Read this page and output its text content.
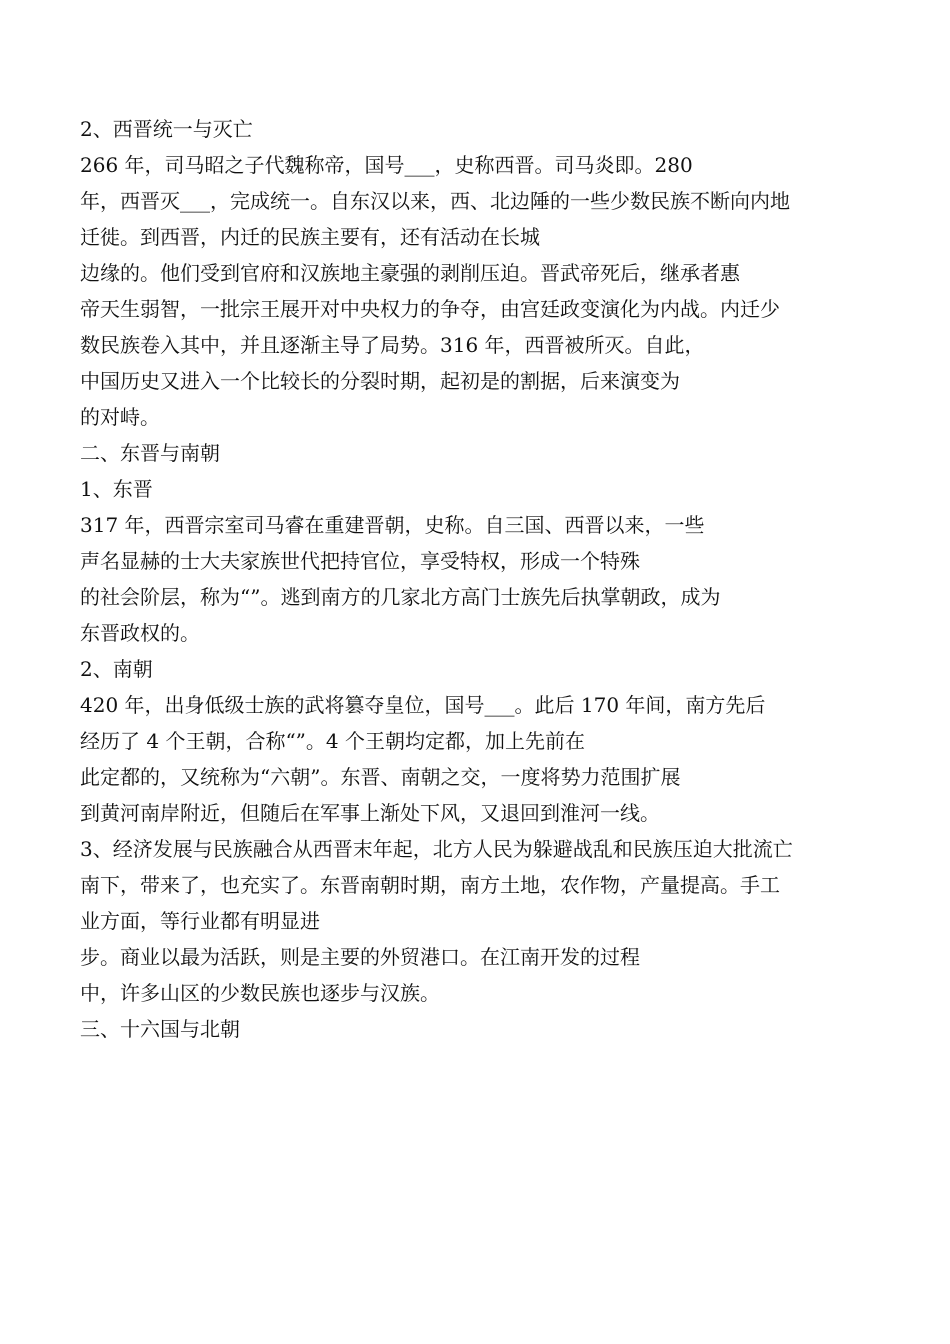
2、西晋统一与灭亡
266 年，司马昭之子代魏称帝，国号___，史称西晋。司马炎即。280
年，西晋灭___，完成统一。自东汉以来，西、北边陲的一些少数民族不断向内地
迁徙。到西晋，内迁的民族主要有，还有活动在长城
边缘的。他们受到官府和汉族地主豪强的剥削压迫。晋武帝死后，继承者惠
帝天生弱智，一批宗王展开对中央权力的争夺，由宫廷政变演化为内战。内迁少
数民族卷入其中，并且逐渐主导了局势。316 年，西晋被所灭。自此，
中国历史又进入一个比较长的分裂时期，起初是的割据，后来演变为
的对峙。
二、东晋与南朝
1、东晋
317 年，西晋宗室司马睿在重建晋朝，史称。自三国、西晋以来，一些
声名显赫的士大夫家族世代把持官位，享受特权，形成一个特殊
的社会阶层，称为“”。逃到南方的几家北方高门士族先后执掌朝政，成为
东晋政权的。
2、南朝
420 年，出身低级士族的武将篡夺皇位，国号___。此后 170 年间，南方先后
经历了 4 个王朝，合称“”。4 个王朝均定都，加上先前在
此定都的，又统称为“六朝”。东晋、南朝之交，一度将势力范围扩展
到黄河南岸附近，但随后在军事上渐处下风，又退回到淮河一线。
3、经济发展与民族融合从西晋末年起，北方人民为躲避战乱和民族压迫大批流亡
南下，带来了，也充实了。东晋南朝时期，南方土地，农作物，产量提高。手工
业方面，等行业都有明显进
步。商业以最为活跃，则是主要的外贸港口。在江南开发的过程
中，许多山区的少数民族也逐步与汉族。
三、十六国与北朝
